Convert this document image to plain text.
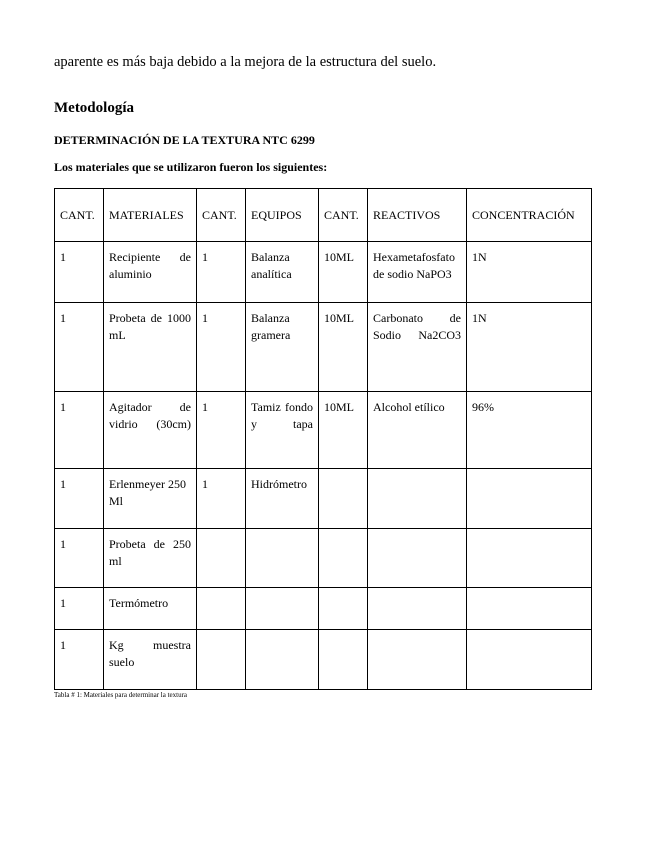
aparente es más baja debido a la mejora de la estructura del suelo.
Metodología
DETERMINACIÓN DE LA TEXTURA NTC 6299
Los materiales que se utilizaron fueron los siguientes:
CANT.	MATERIALES	CANT.	EQUIPOS	CANT.	REACTIVOS	CONCENTRACIÓN
1	Recipiente de aluminio	1	Balanza analítica	10ML	Hexametafosfato de sodio NaPO3	1N
1	Probeta de 1000 mL	1	Balanza gramera	10ML	Carbonato de Sodio Na2CO3	1N
1	Agitador de vidrio (30cm)	1	Tamiz fondo y tapa	10ML	Alcohol etílico	96%
1	Erlenmeyer 250 Ml	1	Hidrómetro			
1	Probeta de 250 ml					
1	Termómetro					
1	Kg muestra suelo					
Tabla # 1: Materiales para determinar la textura
